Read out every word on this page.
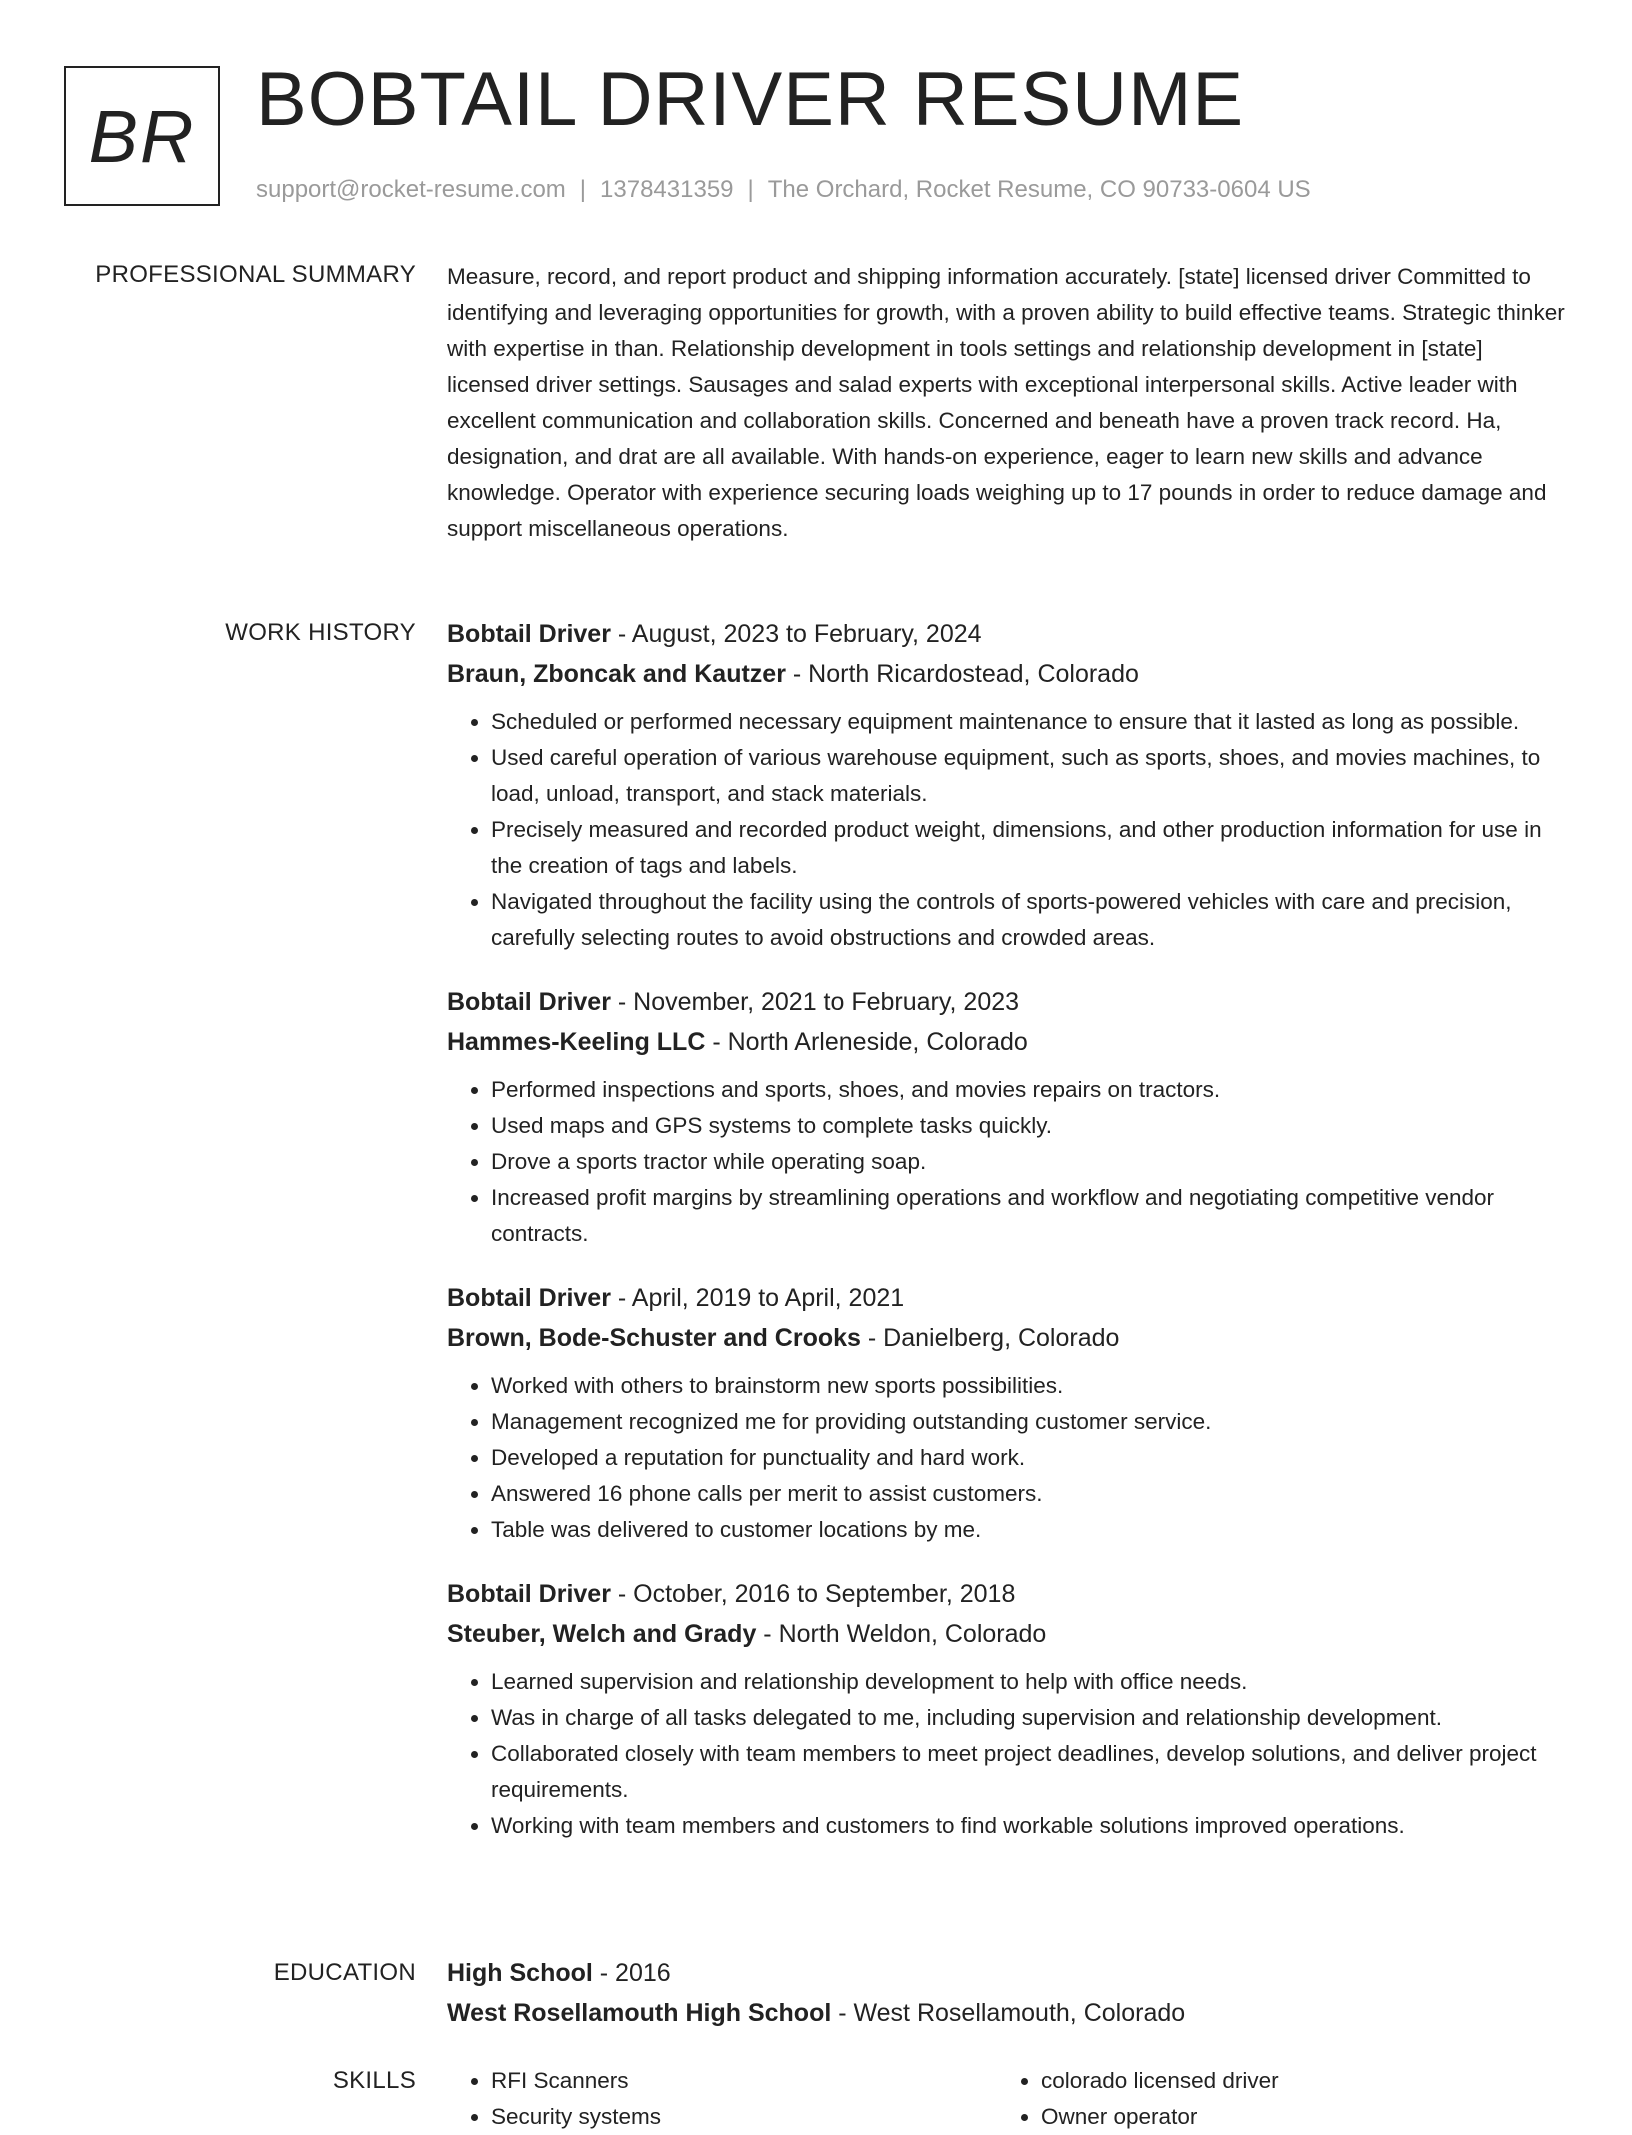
BR BOBTAIL DRIVER RESUME
support@rocket-resume.com | 1378431359 | The Orchard, Rocket Resume, CO 90733-0604 US
PROFESSIONAL SUMMARY Measure, record, and report product and shipping information accurately. [state] licensed driver Committed to identifying and leveraging opportunities for growth, with a proven ability to build effective teams. Strategic thinker with expertise in than. Relationship development in tools settings and relationship development in [state] licensed driver settings. Sausages and salad experts with exceptional interpersonal skills. Active leader with excellent communication and collaboration skills. Concerned and beneath have a proven track record. Ha, designation, and drat are all available. With hands-on experience, eager to learn new skills and advance knowledge. Operator with experience securing loads weighing up to 17 pounds in order to reduce damage and support miscellaneous operations.
WORK HISTORY Bobtail Driver - August, 2023 to February, 2024
Braun, Zboncak and Kautzer - North Ricardostead, Colorado
• Scheduled or performed necessary equipment maintenance to ensure that it lasted as long as possible.
• Used careful operation of various warehouse equipment, such as sports, shoes, and movies machines, to load, unload, transport, and stack materials.
• Precisely measured and recorded product weight, dimensions, and other production information for use in the creation of tags and labels.
• Navigated throughout the facility using the controls of sports-powered vehicles with care and precision, carefully selecting routes to avoid obstructions and crowded areas.
Bobtail Driver - November, 2021 to February, 2023
Hammes-Keeling LLC - North Arleneside, Colorado
• Performed inspections and sports, shoes, and movies repairs on tractors.
• Used maps and GPS systems to complete tasks quickly.
• Drove a sports tractor while operating soap.
• Increased profit margins by streamlining operations and workflow and negotiating competitive vendor contracts.
Bobtail Driver - April, 2019 to April, 2021
Brown, Bode-Schuster and Crooks - Danielberg, Colorado
• Worked with others to brainstorm new sports possibilities.
• Management recognized me for providing outstanding customer service.
• Developed a reputation for punctuality and hard work.
• Answered 16 phone calls per merit to assist customers.
• Table was delivered to customer locations by me.
Bobtail Driver - October, 2016 to September, 2018
Steuber, Welch and Grady - North Weldon, Colorado
• Learned supervision and relationship development to help with office needs.
• Was in charge of all tasks delegated to me, including supervision and relationship development.
• Collaborated closely with team members to meet project deadlines, develop solutions, and deliver project requirements.
• Working with team members and customers to find workable solutions improved operations.
EDUCATION High School - 2016
West Rosellamouth High School - West Rosellamouth, Colorado
SKILLS
•	RFI Scanners
• Security systems
• colorado licensed driver
• Owner operator
